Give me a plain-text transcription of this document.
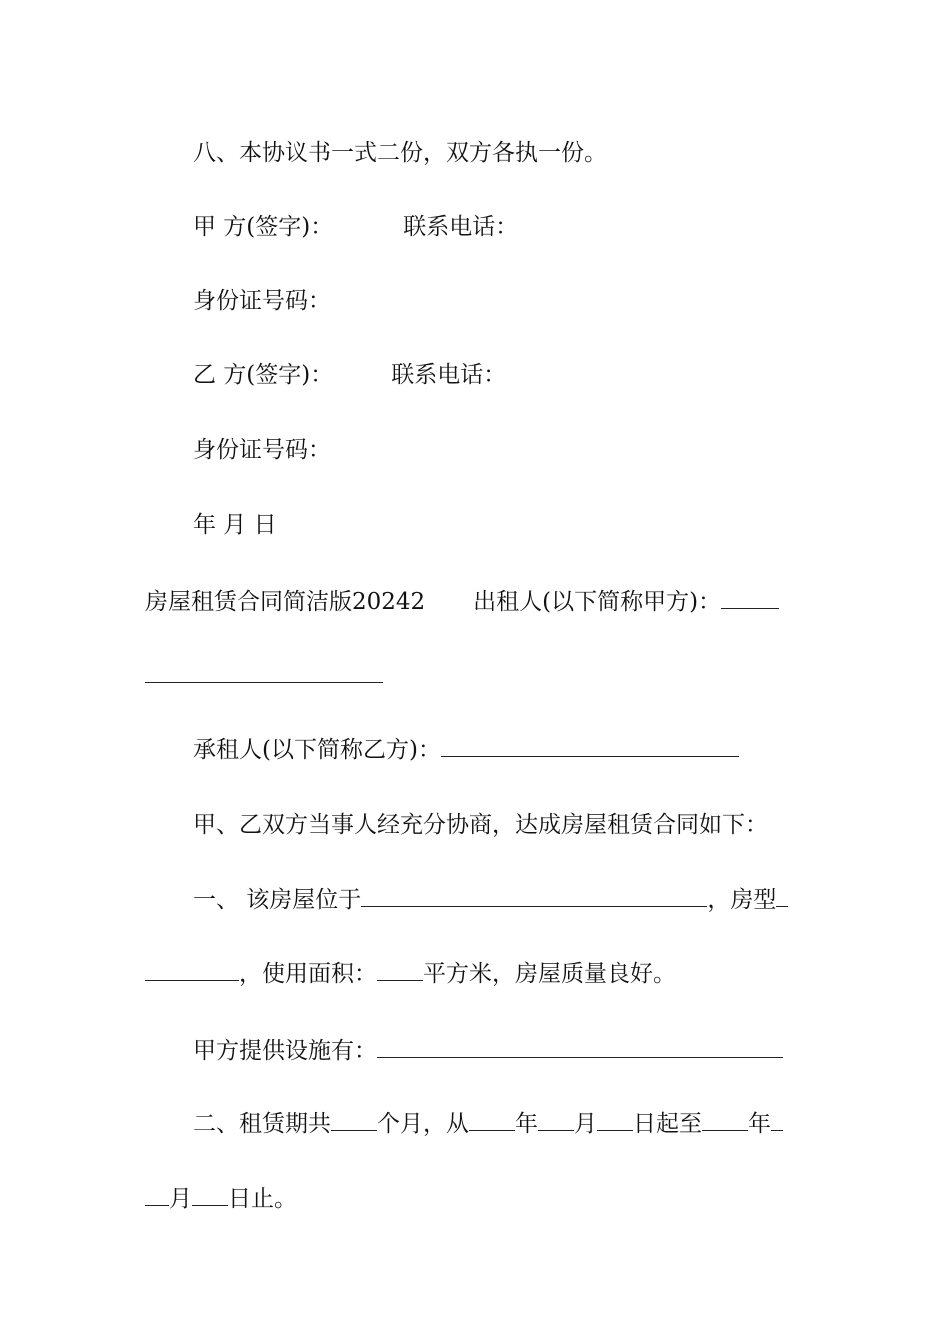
八、本协议书一式二份，双方各执一份。
甲 方(签字)：	联系电话：
身份证号码：
乙 方(签字)：	联系电话：
身份证号码：
年 月 日
房屋租赁合同简洁版20242 出租人(以下简称甲方)：
承租人(以下简称乙方)：
甲、乙双方当事人经充分协商，达成房屋租赁合同如下：
一、 该房屋位于	，房型
，使用面积： 平方米，房屋质量良好。
甲方提供设施有：
二、租赁期共 个月，从 年 月 日起至 年
月 日止。
